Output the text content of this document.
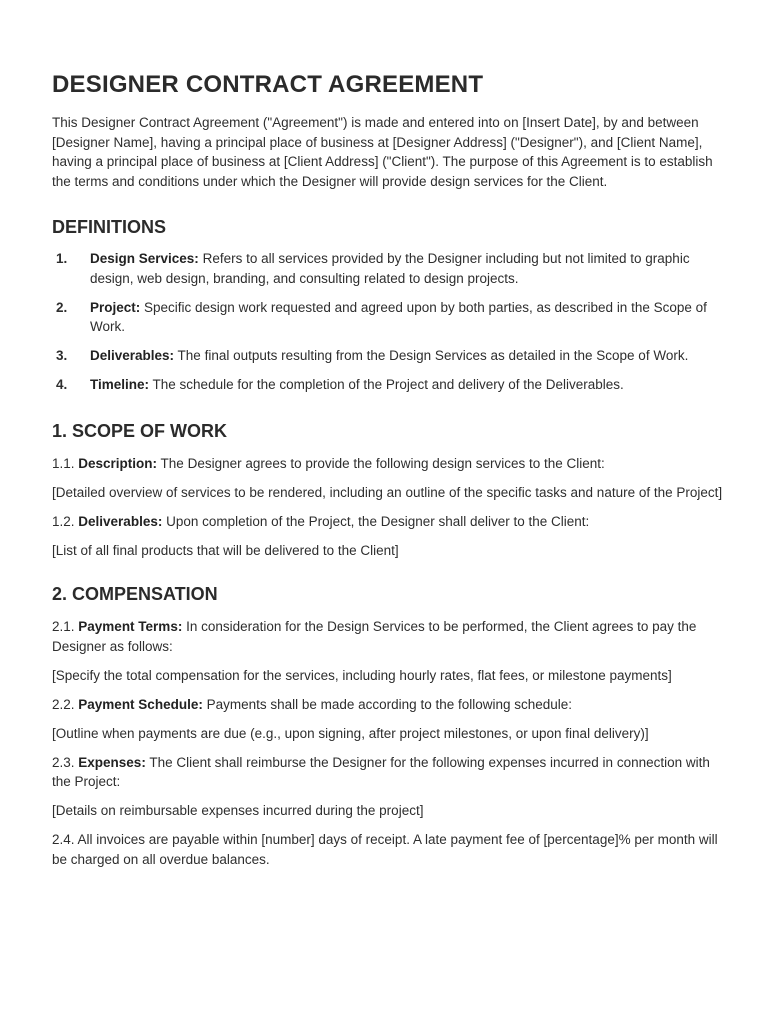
DESIGNER CONTRACT AGREEMENT

This Designer Contract Agreement ("Agreement") is made and entered into on [Insert Date], by and between [Designer Name], having a principal place of business at [Designer Address] ("Designer"), and [Client Name], having a principal place of business at [Client Address] ("Client"). The purpose of this Agreement is to establish the terms and conditions under which the Designer will provide design services for the Client.

DEFINITIONS
1.	Design Services: Refers to all services provided by the Designer including but not limited to graphic design, web design, branding, and consulting related to design projects.
2.	Project: Specific design work requested and agreed upon by both parties, as described in the Scope of Work.
3.	Deliverables: The final outputs resulting from the Design Services as detailed in the Scope of Work.
4.	Timeline: The schedule for the completion of the Project and delivery of the Deliverables.
1. SCOPE OF WORK

1.1. Description: The Designer agrees to provide the following design services to the Client:

[Detailed overview of services to be rendered, including an outline of the specific tasks and nature of the Project]

1.2. Deliverables: Upon completion of the Project, the Designer shall deliver to the Client:

[List of all final products that will be delivered to the Client]

2. COMPENSATION

2.1. Payment Terms: In consideration for the Design Services to be performed, the Client agrees to pay the Designer as follows:

[Specify the total compensation for the services, including hourly rates, flat fees, or milestone payments]

2.2. Payment Schedule: Payments shall be made according to the following schedule:

[Outline when payments are due (e.g., upon signing, after project milestones, or upon final delivery)]

2.3. Expenses: The Client shall reimburse the Designer for the following expenses incurred in connection with the Project:

[Details on reimbursable expenses incurred during the project]

2.4. All invoices are payable within [number] days of receipt. A late payment fee of [percentage]% per month will be charged on all overdue balances.
